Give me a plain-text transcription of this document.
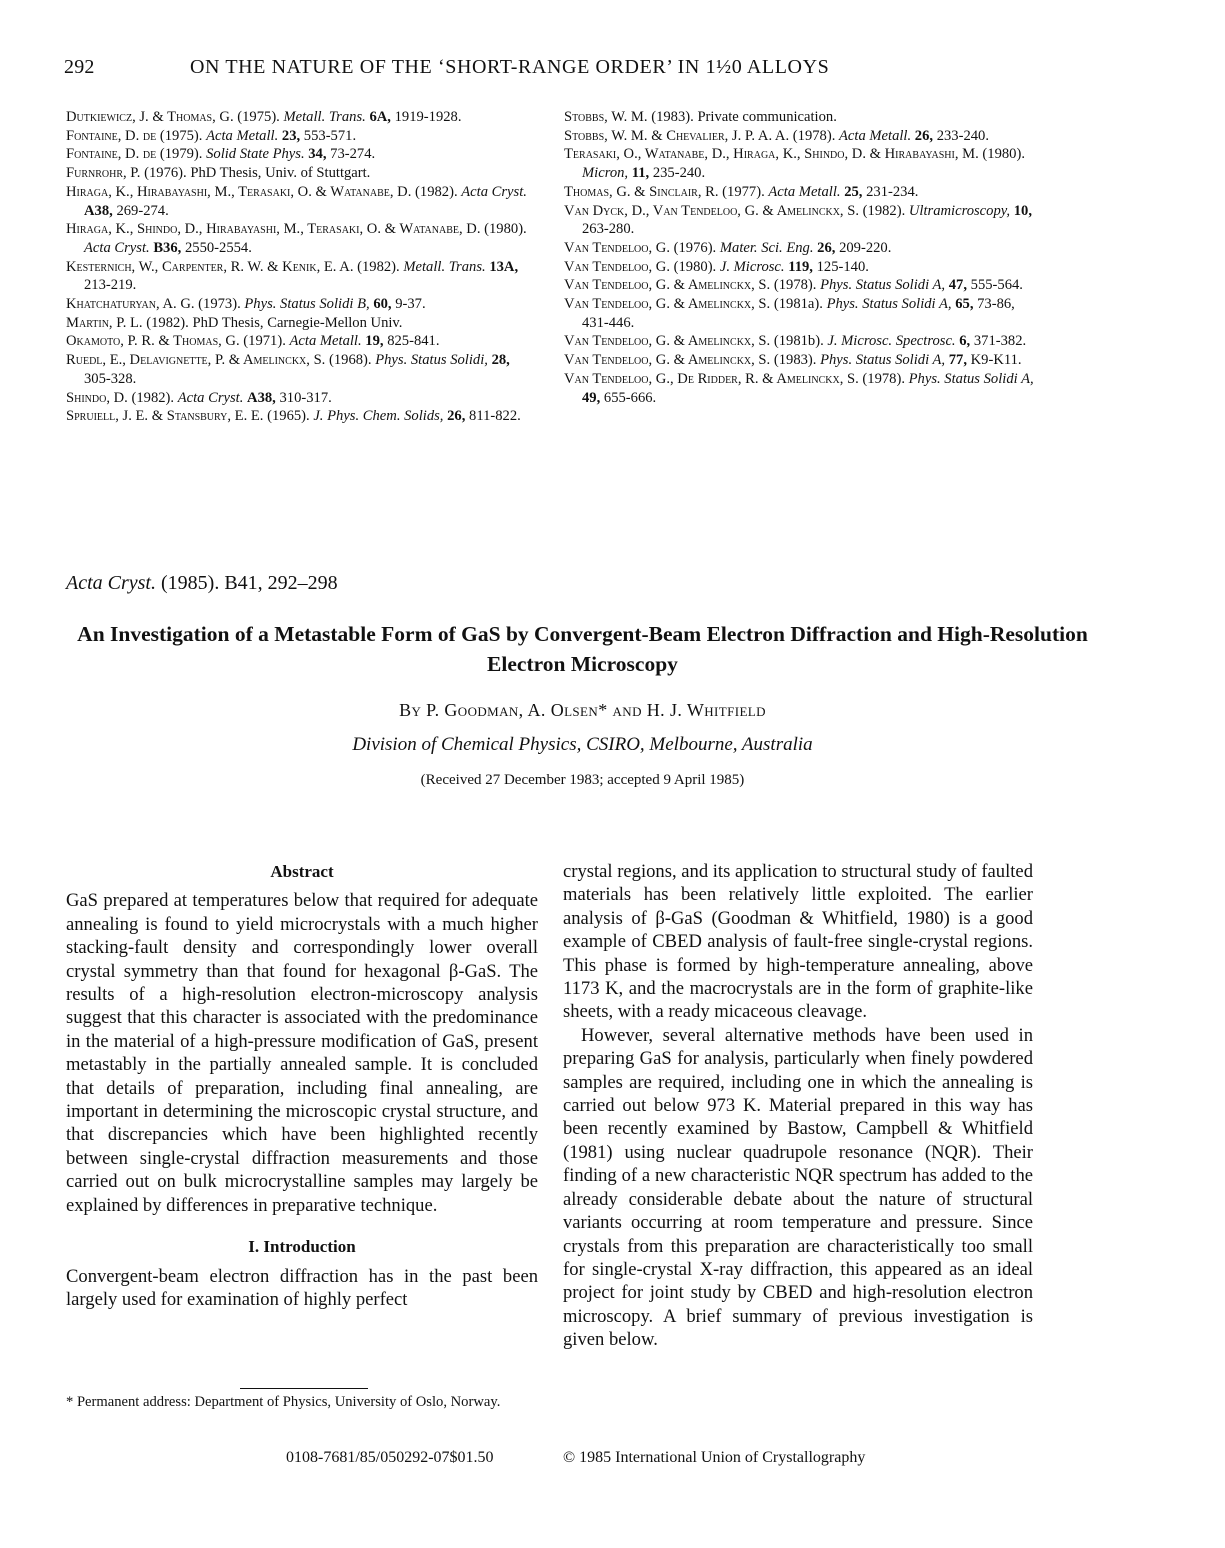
292	ON THE NATURE OF THE ‘SHORT-RANGE ORDER’ IN 1½0 ALLOYS
Dutkiewicz, J. & Thomas, G. (1975). Metall. Trans. 6A, 1919-1928.
Fontaine, D. de (1975). Acta Metall. 23, 553-571.
Fontaine, D. de (1979). Solid State Phys. 34, 73-274.
Furnrohr, P. (1976). PhD Thesis, Univ. of Stuttgart.
Hiraga, K., Hirabayashi, M., Terasaki, O. & Watanabe, D. (1982). Acta Cryst. A38, 269-274.
Hiraga, K., Shindo, D., Hirabayashi, M., Terasaki, O. & Watanabe, D. (1980). Acta Cryst. B36, 2550-2554.
Kesternich, W., Carpenter, R. W. & Kenik, E. A. (1982). Metall. Trans. 13A, 213-219.
Khatchaturyan, A. G. (1973). Phys. Status Solidi B, 60, 9-37.
Martin, P. L. (1982). PhD Thesis, Carnegie-Mellon Univ.
Okamoto, P. R. & Thomas, G. (1971). Acta Metall. 19, 825-841.
Ruedl, E., Delavignette, P. & Amelinckx, S. (1968). Phys. Status Solidi, 28, 305-328.
Shindo, D. (1982). Acta Cryst. A38, 310-317.
Spruiell, J. E. & Stansbury, E. E. (1965). J. Phys. Chem. Solids, 26, 811-822.
Stobbs, W. M. (1983). Private communication.
Stobbs, W. M. & Chevalier, J. P. A. A. (1978). Acta Metall. 26, 233-240.
Terasaki, O., Watanabe, D., Hiraga, K., Shindo, D. & Hirabayashi, M. (1980). Micron, 11, 235-240.
Thomas, G. & Sinclair, R. (1977). Acta Metall. 25, 231-234.
Van Dyck, D., Van Tendeloo, G. & Amelinckx, S. (1982). Ultramicroscopy, 10, 263-280.
Van Tendeloo, G. (1976). Mater. Sci. Eng. 26, 209-220.
Van Tendeloo, G. (1980). J. Microsc. 119, 125-140.
Van Tendeloo, G. & Amelinckx, S. (1978). Phys. Status Solidi A, 47, 555-564.
Van Tendeloo, G. & Amelinckx, S. (1981a). Phys. Status Solidi A, 65, 73-86, 431-446.
Van Tendeloo, G. & Amelinckx, S. (1981b). J. Microsc. Spectrosc. 6, 371-382.
Van Tendeloo, G. & Amelinckx, S. (1983). Phys. Status Solidi A, 77, K9-K11.
Van Tendeloo, G., De Ridder, R. & Amelinckx, S. (1978). Phys. Status Solidi A, 49, 655-666.
Acta Cryst. (1985). B41, 292–298
An Investigation of a Metastable Form of GaS by Convergent-Beam Electron Diffraction and High-Resolution Electron Microscopy
By P. Goodman, A. Olsen* and H. J. Whitfield
Division of Chemical Physics, CSIRO, Melbourne, Australia
(Received 27 December 1983; accepted 9 April 1985)
Abstract

GaS prepared at temperatures below that required for adequate annealing is found to yield microcrystals with a much higher stacking-fault density and correspondingly lower overall crystal symmetry than that found for hexagonal β-GaS. The results of a high-resolution electron-microscopy analysis suggest that this character is associated with the predominance in the material of a high-pressure modification of GaS, present metastably in the partially annealed sample. It is concluded that details of preparation, including final annealing, are important in determining the microscopic crystal structure, and that discrepancies which have been highlighted recently between single-crystal diffraction measurements and those carried out on bulk microcrystalline samples may largely be explained by differences in preparative technique.

I. Introduction

Convergent-beam electron diffraction has in the past been largely used for examination of highly perfect

crystal regions, and its application to structural study of faulted materials has been relatively little exploited. The earlier analysis of β-GaS (Goodman & Whitfield, 1980) is a good example of CBED analysis of fault-free single-crystal regions. This phase is formed by high-temperature annealing, above 1173 K, and the macrocrystals are in the form of graphite-like sheets, with a ready micaceous cleavage.

However, several alternative methods have been used in preparing GaS for analysis, particularly when finely powdered samples are required, including one in which the annealing is carried out below 973 K. Material prepared in this way has been recently examined by Bastow, Campbell & Whitfield (1981) using nuclear quadrupole resonance (NQR). Their finding of a new characteristic NQR spectrum has added to the already considerable debate about the nature of structural variants occurring at room temperature and pressure. Since crystals from this preparation are characteristically too small for single-crystal X-ray diffraction, this appeared as an ideal project for joint study by CBED and high-resolution electron microscopy. A brief summary of previous investigation is given below.

* Permanent address: Department of Physics, University of Oslo, Norway.
0108-7681/85/050292-07$01.50	© 1985 International Union of Crystallography
